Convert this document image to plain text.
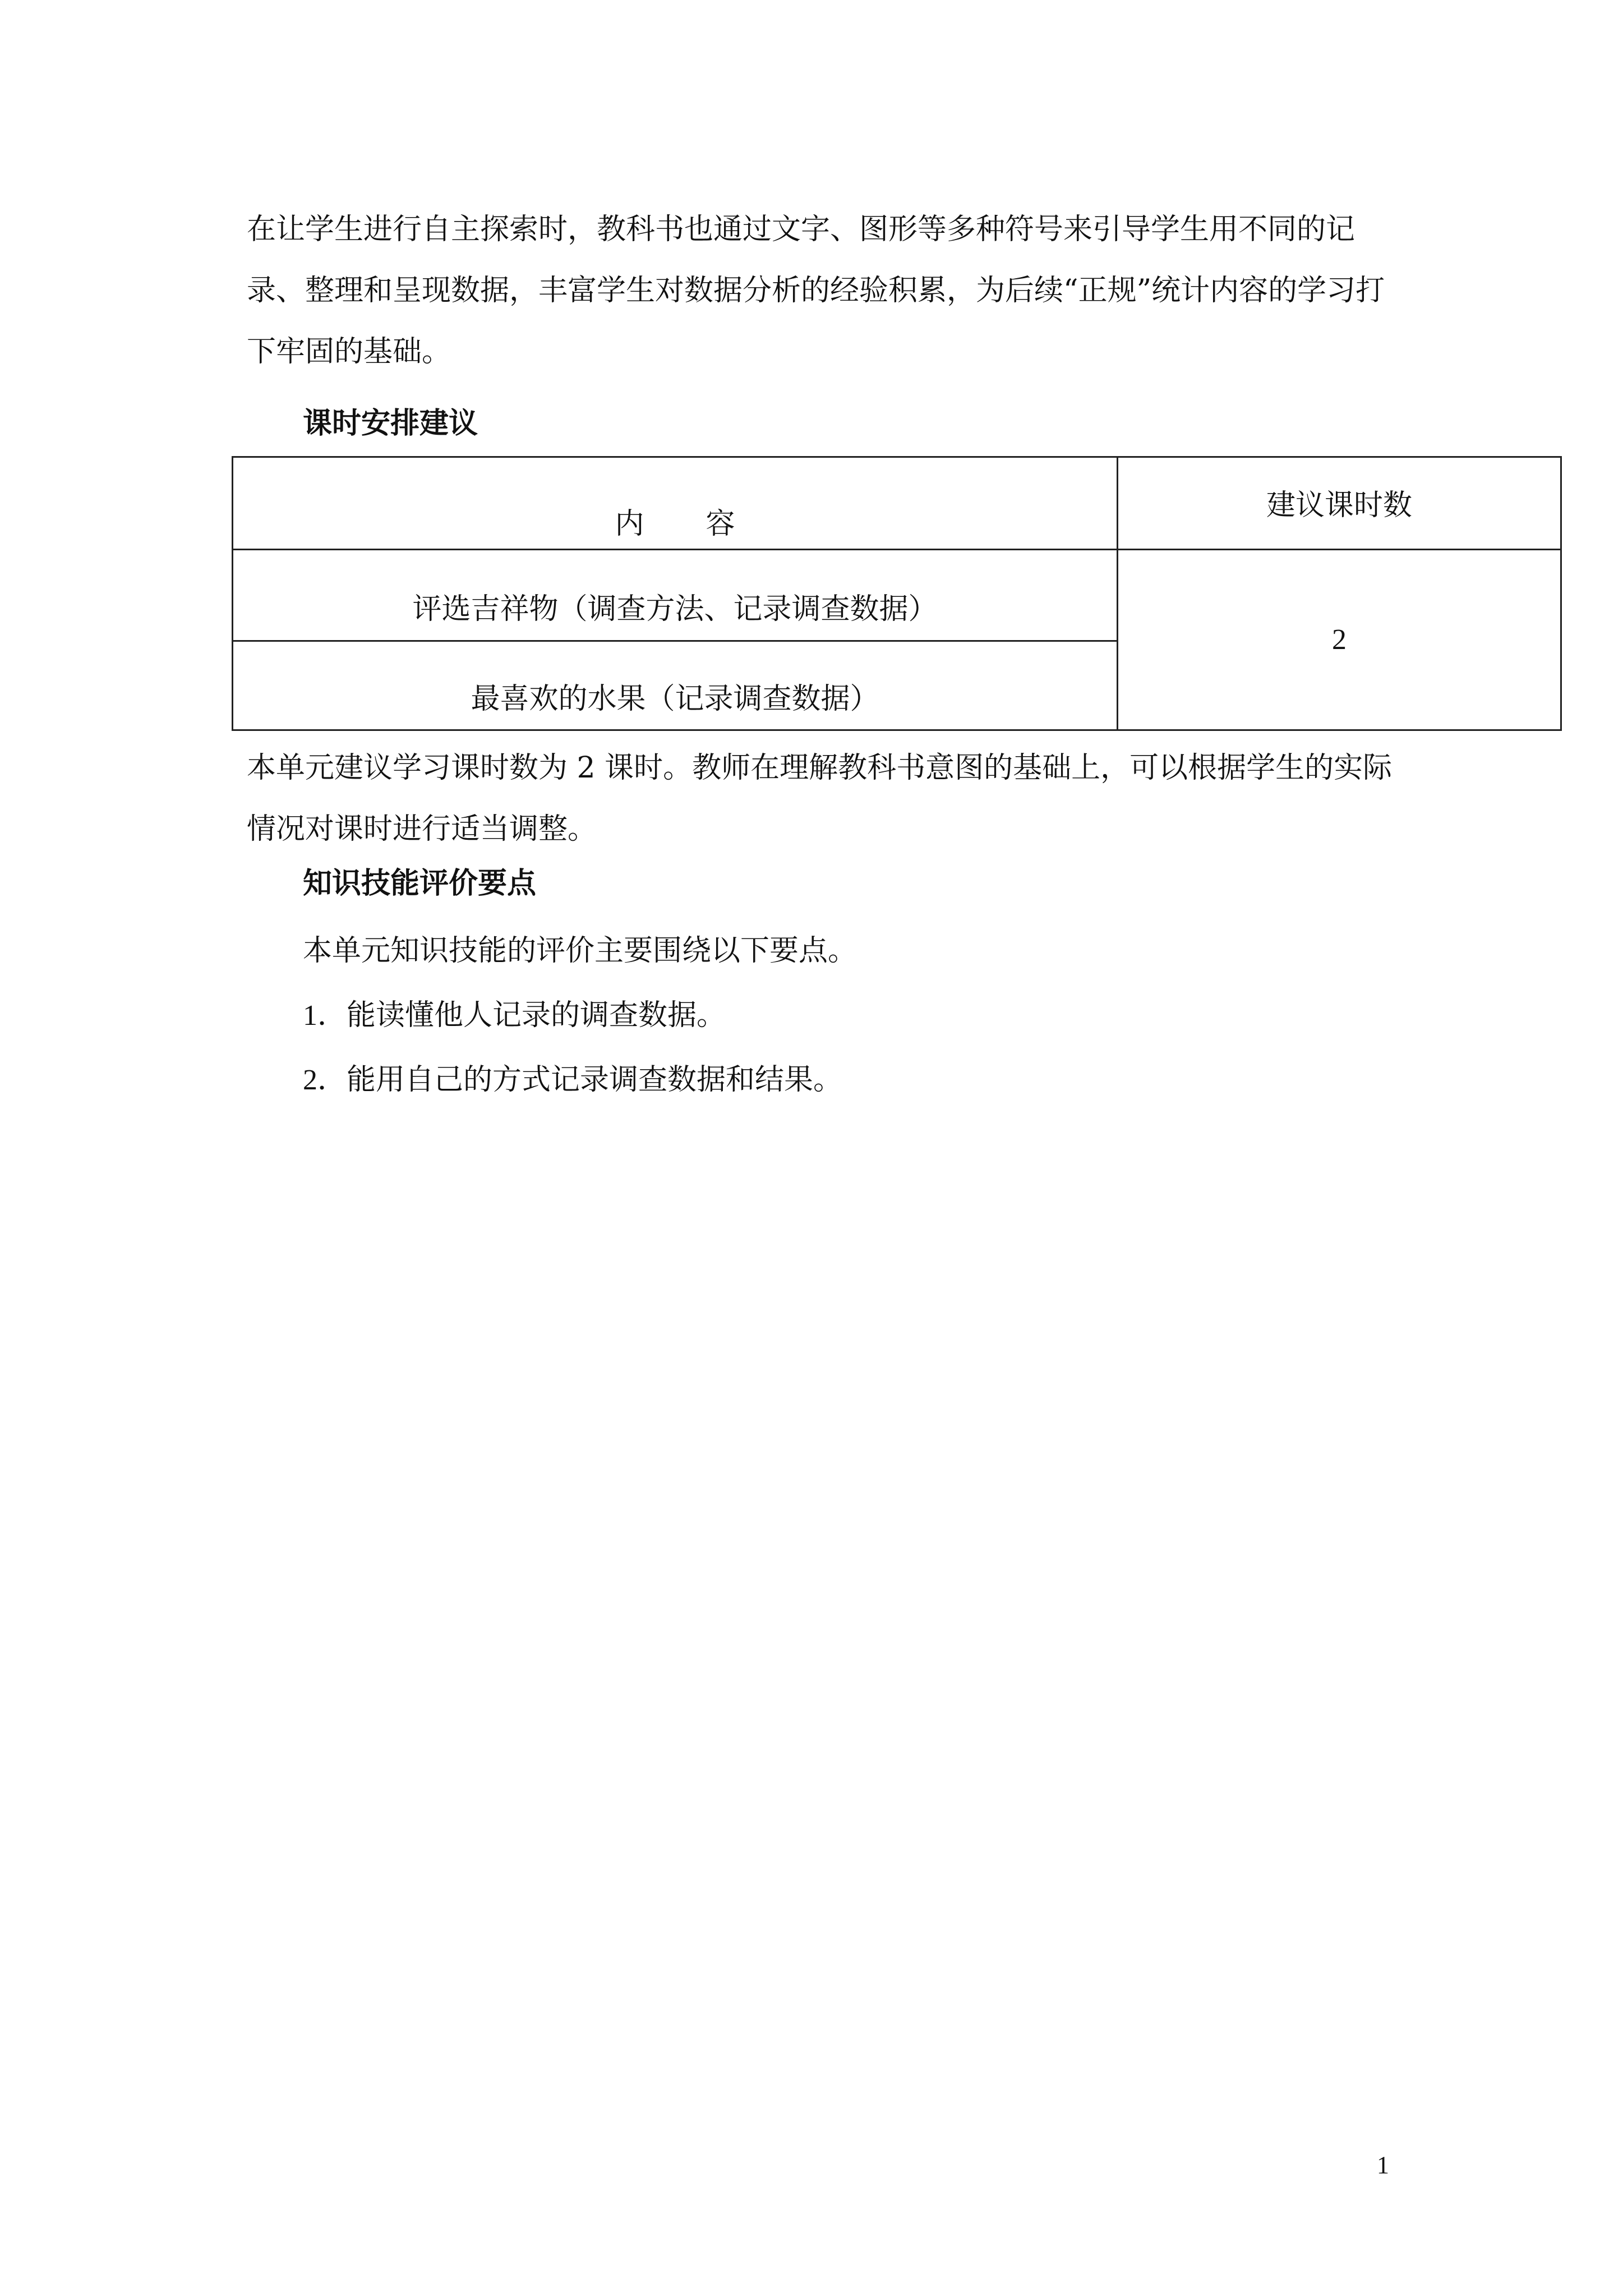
在让学生进行自主探索时，教科书也通过文字、图形等多种符号来引导学生用不同的记录、整理和呈现数据，丰富学生对数据分析的经验积累，为后续“正规”统计内容的学习打下牢固的基础。

课时安排建议

内 容
建议课时数
评选吉祥物（调查方法、记录调查数据）
最喜欢的水果（记录调查数据）
2

本单元建议学习课时数为 2 课时。教师在理解教科书意图的基础上，可以根据学生的实际情况对课时进行适当调整。

知识技能评价要点

本单元知识技能的评价主要围绕以下要点。

1．能读懂他人记录的调查数据。

2．能用自己的方式记录调查数据和结果。

1
